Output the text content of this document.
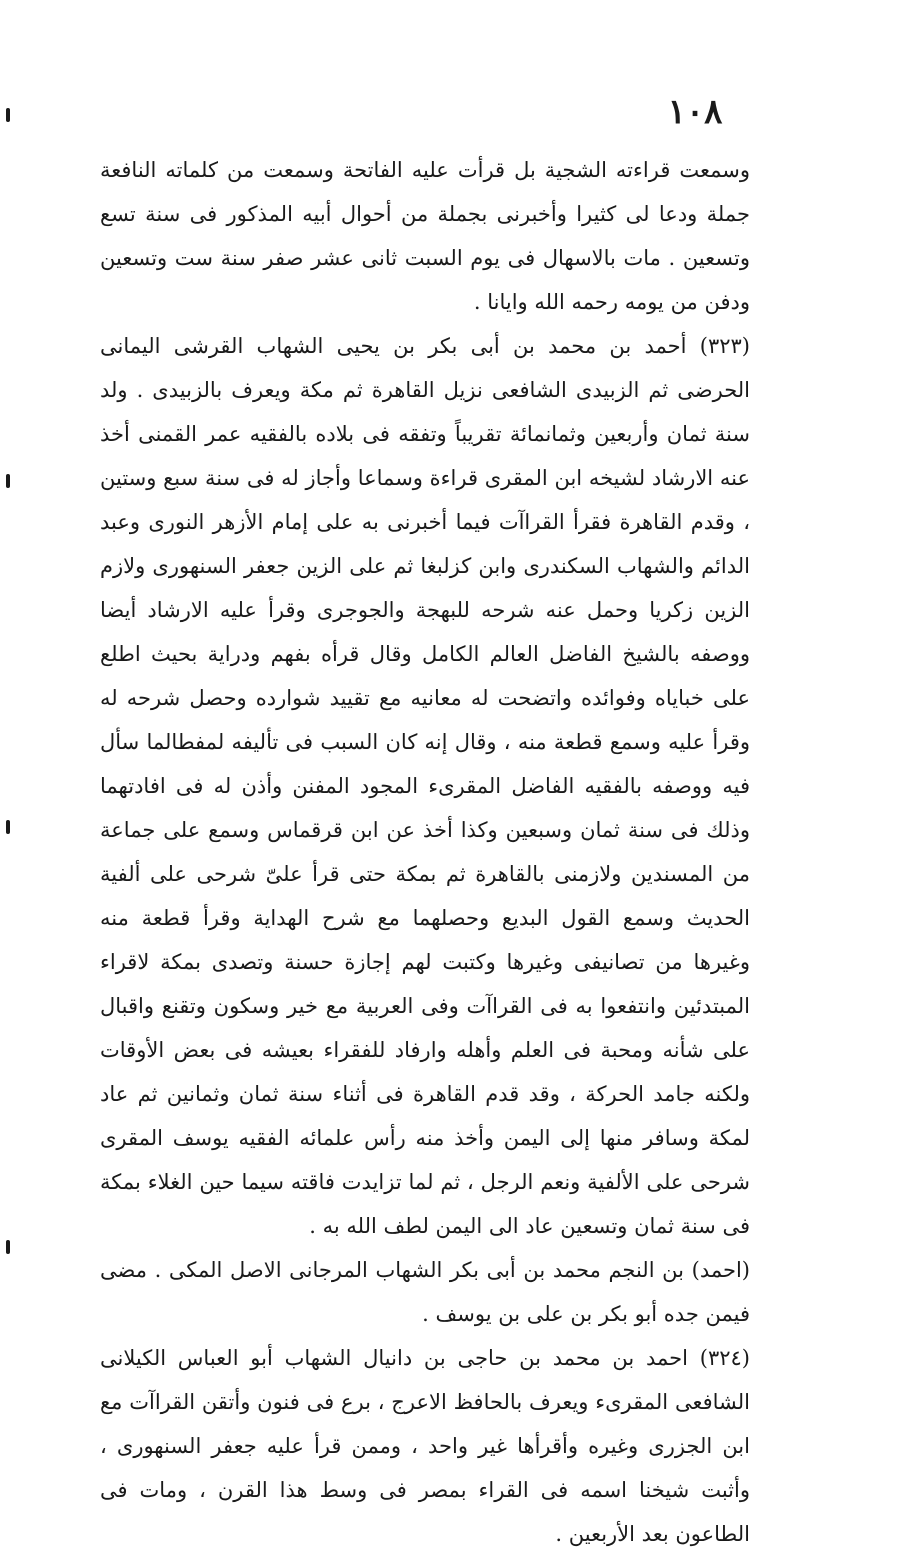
١٠٨

وسمعت قراءته الشجية بل قرأت عليه الفاتحة وسمعت من كلماته النافعة جملة ودعا لى كثيرا وأخبرنى بجملة من أحوال أبيه المذكور فى سنة تسع وتسعين . مات بالاسهال فى يوم السبت ثانى عشر صفر سنة ست وتسعين ودفن من يومه رحمه الله وايانا .

(٣٢٣) أحمد بن محمد بن أبى بكر بن يحيى الشهاب القرشى اليمانى الحرضى ثم الزبيدى الشافعى نزيل القاهرة ثم مكة ويعرف بالزبيدى . ولد سنة ثمان وأربعين وثمانمائة تقريباً وتفقه فى بلاده بالفقيه عمر القمنى أخذ عنه الارشاد لشيخه ابن المقرى قراءة وسماعا وأجاز له فى سنة سبع وستين ، وقدم القاهرة فقرأ القراآت فيما أخبرنى به على إمام الأزهر النورى وعبد الدائم والشهاب السكندرى وابن كزلبغا ثم على الزين جعفر السنهورى ولازم الزين زكريا وحمل عنه شرحه للبهجة والجوجرى وقرأ عليه الارشاد أيضا ووصفه بالشيخ الفاضل العالم الكامل وقال قرأه بفهم ودراية بحيث اطلع على خباياه وفوائده واتضحت له معانيه مع تقييد شوارده وحصل شرحه له وقرأ عليه وسمع قطعة منه ، وقال إنه كان السبب فى تأليفه لمفطالما سأل فيه ووصفه بالفقيه الفاضل المقرىء المجود المفنن وأذن له فى افادتهما وذلك فى سنة ثمان وسبعين وكذا أخذ عن ابن قرقماس وسمع على جماعة من المسندين ولازمنى بالقاهرة ثم بمكة حتى قرأ علىّ شرحى على ألفية الحديث وسمع القول البديع وحصلهما مع شرح الهداية وقرأ قطعة منه وغيرها من تصانيفى وغيرها وكتبت لهم إجازة حسنة وتصدى بمكة لاقراء المبتدئين وانتفعوا به فى القراآت وفى العربية مع خير وسكون وتقنع واقبال على شأنه ومحبة فى العلم وأهله وارفاد للفقراء بعيشه فى بعض الأوقات ولكنه جامد الحركة ، وقد قدم القاهرة فى أثناء سنة ثمان وثمانين ثم عاد لمكة وسافر منها إلى اليمن وأخذ منه رأس علمائه الفقيه يوسف المقرى شرحى على الألفية ونعم الرجل ، ثم لما تزايدت فاقته سيما حين الغلاء بمكة فى سنة ثمان وتسعين عاد الى اليمن لطف الله به .

(احمد) بن النجم محمد بن أبى بكر الشهاب المرجانى الاصل المكى . مضى فيمن جده أبو بكر بن على بن يوسف .

(٣٢٤) احمد بن محمد بن حاجى بن دانيال الشهاب أبو العباس الكيلانى الشافعى المقرىء ويعرف بالحافظ الاعرج ، برع فى فنون وأتقن القراآت مع ابن الجزرى وغيره وأقرأها غير واحد ، وممن قرأ عليه جعفر السنهورى ، وأثبت شيخنا اسمه فى القراء بمصر فى وسط هذا القرن ، ومات فى الطاعون بعد الأربعين .
